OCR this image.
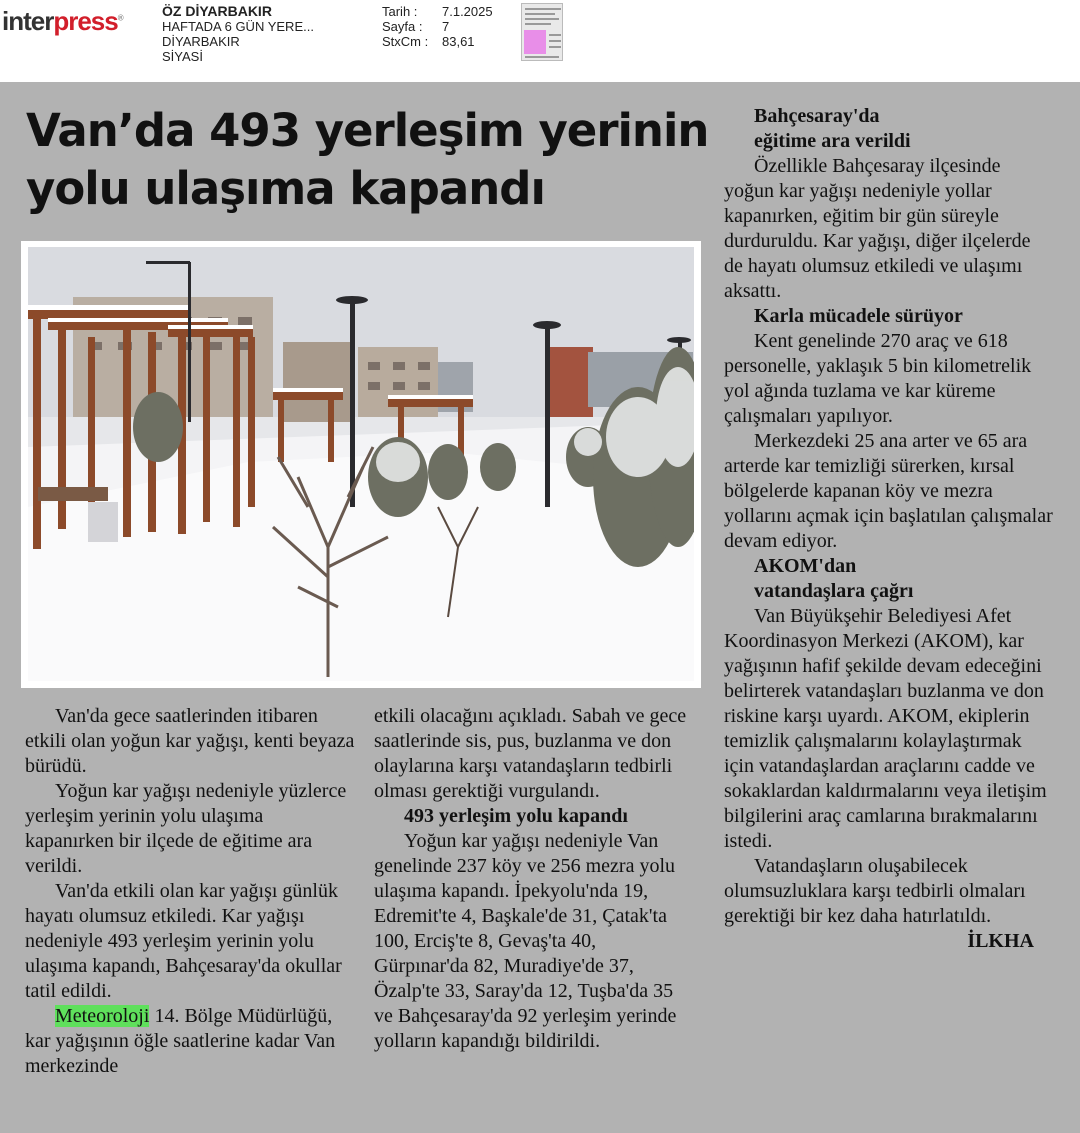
interpress®	ÖZ DİYARBAKIR
HAFTADA 6 GÜN YERE...
DİYARBAKIR
SİYASİ
Tarih :	7.1.2025
Sayfa :	7
StxCm :	83,61
Van’da 493 yerleşim yerinin
yolu ulaşıma kapandı

Van'da gece saatlerinden itibaren etkili olan yoğun kar yağışı, kenti beyaza bürüdü.

Yoğun kar yağışı nedeniyle yüzlerce yerleşim yerinin yolu ulaşıma kapanırken bir ilçede de eğitime ara verildi.

Van'da etkili olan kar yağışı günlük hayatı olumsuz etkiledi. Kar yağışı nedeniyle 493 yerleşim yerinin yolu ulaşıma kapandı, Bahçesaray'da okullar tatil edildi.

Meteoroloji 14. Bölge Müdürlüğü, kar yağışının öğle saatlerine kadar Van merkezinde

etkili olacağını açıkladı. Sabah ve gece saatlerinde sis, pus, buzlanma ve don olaylarına karşı vatandaşların tedbirli olması gerektiği vurgulandı.

493 yerleşim yolu kapandı

Yoğun kar yağışı nedeniyle Van genelinde 237 köy ve 256 mezra yolu ulaşıma kapandı. İpekyolu'nda 19, Edremit'te 4, Başkale'de 31, Çatak'ta 100, Erciş'te 8, Gevaş'ta 40, Gürpınar'da 82, Muradiye'de 37, Özalp'te 33, Saray'da 12, Tuşba'da 35 ve Bahçesaray'da 92 yerleşim yerinde yolların kapandığı bildirildi.

Bahçesaray'da
eğitime ara verildi

Özellikle Bahçesaray ilçesinde yoğun kar yağışı nedeniyle yollar kapanırken, eğitim bir gün süreyle durduruldu. Kar yağışı, diğer ilçelerde de hayatı olumsuz etkiledi ve ulaşımı aksattı.

Karla mücadele sürüyor

Kent genelinde 270 araç ve 618 personelle, yaklaşık 5 bin kilometrelik yol ağında tuzlama ve kar küreme çalışmaları yapılıyor.

Merkezdeki 25 ana arter ve 65 ara arterde kar temizliği sürerken, kırsal bölgelerde kapanan köy ve mezra yollarını açmak için başlatılan çalışmalar devam ediyor.

AKOM'dan
vatandaşlara çağrı

Van Büyükşehir Belediyesi Afet Koordinasyon Merkezi (AKOM), kar yağışının hafif şekilde devam edeceğini belirterek vatandaşları buzlanma ve don riskine karşı uyardı. AKOM, ekiplerin temizlik çalışmalarını kolaylaştırmak için vatandaşlardan araçlarını cadde ve sokaklardan kaldırmalarını veya iletişim bilgilerini araç camlarına bırakmalarını istedi.

Vatandaşların oluşabilecek olumsuzluklara karşı tedbirli olmaları gerektiği bir kez daha hatırlatıldı.

İLKHA
